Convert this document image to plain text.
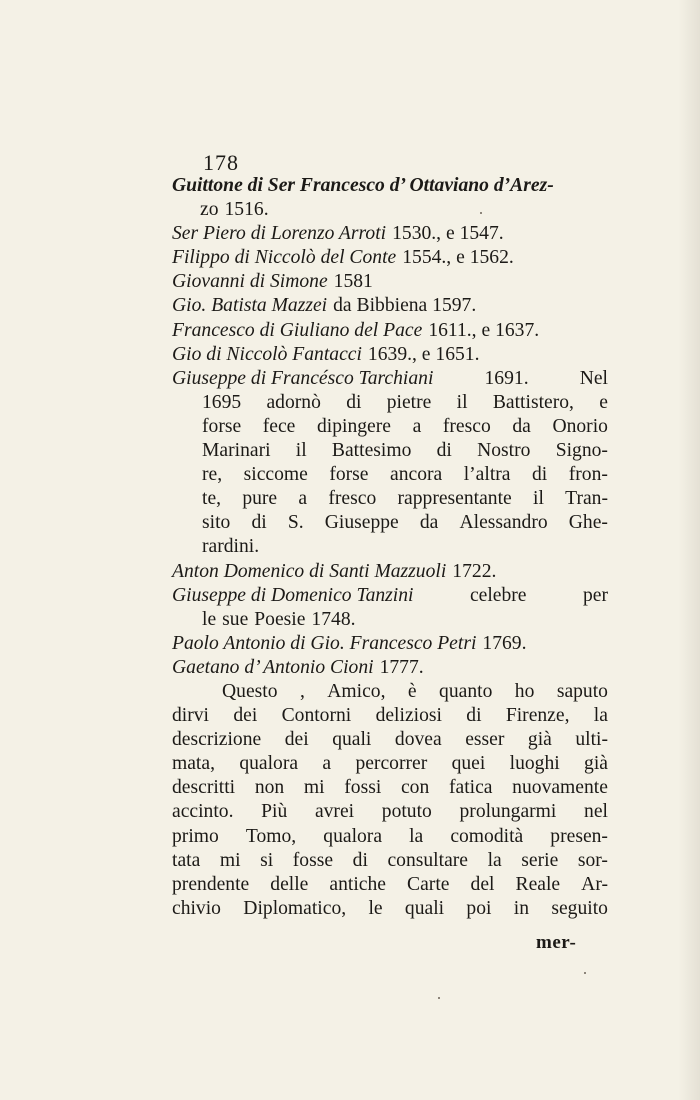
178
Guittone di Ser Francesco d’ Ottaviano d’Arez-
zo 1516.
Ser Piero di Lorenzo Arroti 1530., e 1547.
Filippo di Niccolò del Conte 1554., e 1562.
Giovanni di Simone 1581
Gio. Batista Mazzei da Bibbiena 1597.
Francesco di Giuliano del Pace 1611., e 1637.
Gio di Niccolò Fantacci 1639., e 1651.
Giuseppe di Francésco Tarchiani	1691.	Nel
1695 adornò di pietre il Battistero, e
forse fece dipingere a fresco da Onorio
Marinari il Battesimo di Nostro Signo-
re, siccome forse ancora l’altra di fron-
te, pure a fresco rappresentante il Tran-
sito di S. Giuseppe da Alessandro Ghe-
rardini.
Anton Domenico di Santi Mazzuoli 1722.
Giuseppe di Domenico Tanzini	celebre	per
le sue Poesie 1748.
Paolo Antonio di Gio. Francesco Petri 1769.
Gaetano d’ Antonio Cioni 1777.
Questo , Amico, è quanto ho saputo
dirvi dei Contorni deliziosi di Firenze, la
descrizione dei quali dovea esser già ulti-
mata, qualora a percorrer quei luoghi già
descritti non mi fossi con fatica nuovamente
accinto. Più avrei potuto prolungarmi nel
primo Tomo, qualora la comodità presen-
tata mi si fosse di consultare la serie sor-
prendente delle antiche Carte del Reale Ar-
chivio Diplomatico, le quali poi in seguito
mer-
